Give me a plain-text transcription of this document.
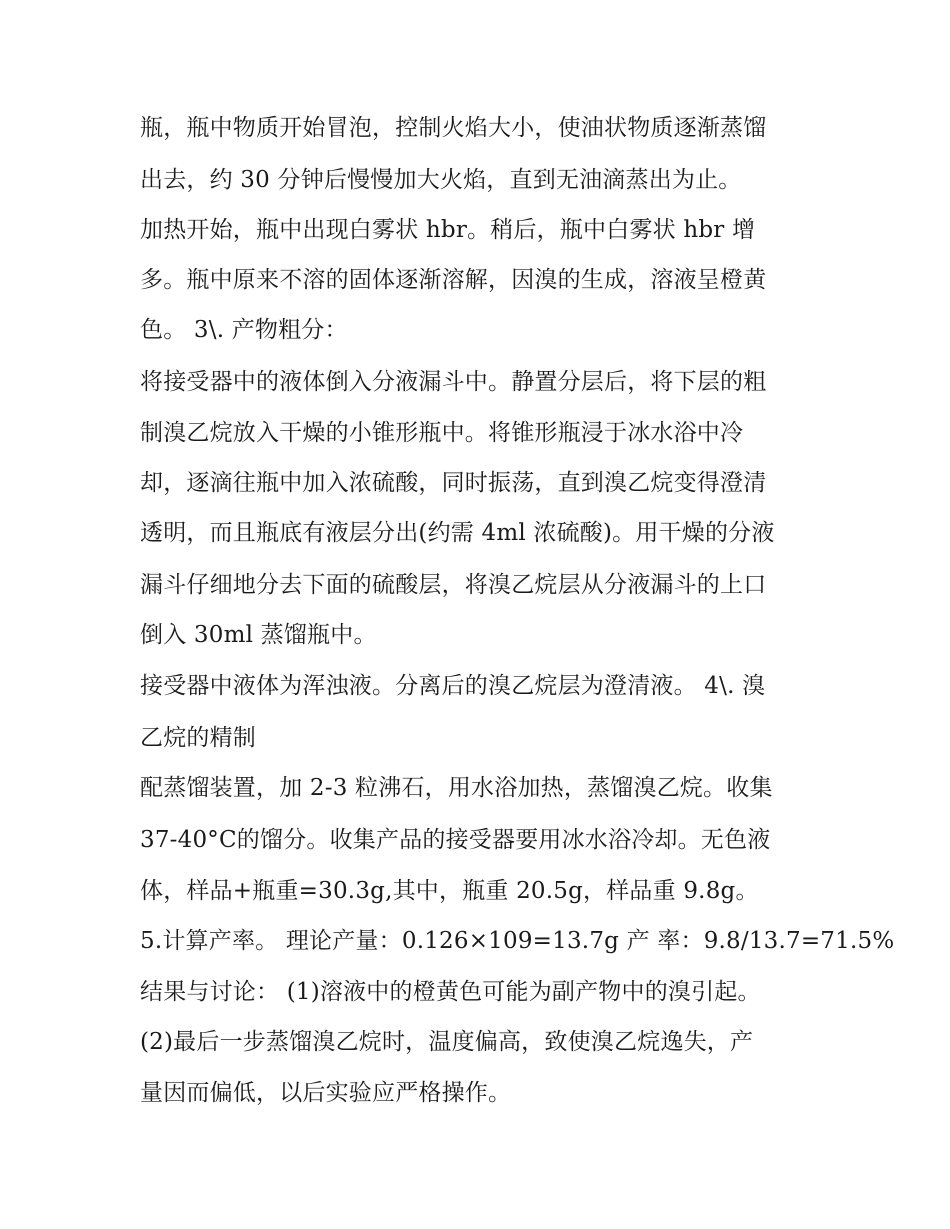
瓶，瓶中物质开始冒泡，控制火焰大小，使油状物质逐渐蒸馏
出去，约 30 分钟后慢慢加大火焰，直到无油滴蒸出为止。
加热开始，瓶中出现白雾状 hbr。稍后，瓶中白雾状 hbr 增
多。瓶中原来不溶的固体逐渐溶解，因溴的生成，溶液呈橙黄
色。 3\. 产物粗分：
将接受器中的液体倒入分液漏斗中。静置分层后，将下层的粗
制溴乙烷放入干燥的小锥形瓶中。将锥形瓶浸于冰水浴中冷
却，逐滴往瓶中加入浓硫酸，同时振荡，直到溴乙烷变得澄清
透明，而且瓶底有液层分出(约需 4ml 浓硫酸)。用干燥的分液
漏斗仔细地分去下面的硫酸层，将溴乙烷层从分液漏斗的上口
倒入 30ml 蒸馏瓶中。
接受器中液体为浑浊液。分离后的溴乙烷层为澄清液。 4\. 溴
乙烷的精制
配蒸馏装置，加 2-3 粒沸石，用水浴加热，蒸馏溴乙烷。收集
37-40°C的馏分。收集产品的接受器要用冰水浴冷却。无色液
体，样品+瓶重=30.3g,其中，瓶重 20.5g，样品重 9.8g。
5.计算产率。 理论产量：0.126×109=13.7g 产 率：9.8/13.7=71.5%
结果与讨论： (1)溶液中的橙黄色可能为副产物中的溴引起。
(2)最后一步蒸馏溴乙烷时，温度偏高，致使溴乙烷逸失，产
量因而偏低，以后实验应严格操作。
